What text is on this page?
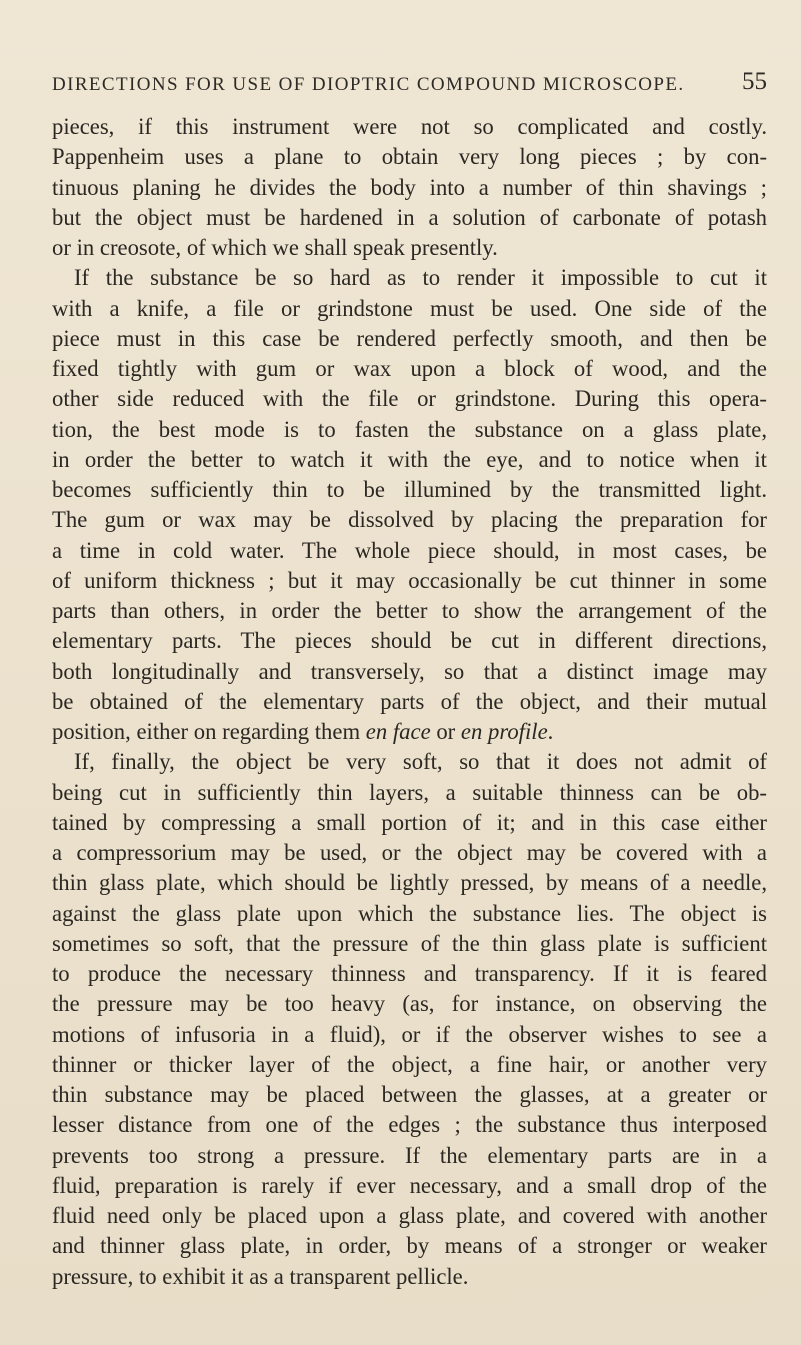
DIRECTIONS FOR USE OF DIOPTRIC COMPOUND MICROSCOPE. 55
pieces, if this instrument were not so complicated and costly.
Pappenheim uses a plane to obtain very long pieces ; by con-
tinuous planing he divides the body into a number of thin shavings ;
but the object must be hardened in a solution of carbonate of potash
or in creosote, of which we shall speak presently.
If the substance be so hard as to render it impossible to cut it
with a knife, a file or grindstone must be used. One side of the
piece must in this case be rendered perfectly smooth, and then be
fixed tightly with gum or wax upon a block of wood, and the
other side reduced with the file or grindstone. During this opera-
tion, the best mode is to fasten the substance on a glass plate,
in order the better to watch it with the eye, and to notice when it
becomes sufficiently thin to be illumined by the transmitted light.
The gum or wax may be dissolved by placing the preparation for
a time in cold water. The whole piece should, in most cases, be
of uniform thickness ; but it may occasionally be cut thinner in some
parts than others, in order the better to show the arrangement of the
elementary parts. The pieces should be cut in different directions,
both longitudinally and transversely, so that a distinct image may
be obtained of the elementary parts of the object, and their mutual
position, either on regarding them en face or en profile.
If, finally, the object be very soft, so that it does not admit of
being cut in sufficiently thin layers, a suitable thinness can be ob-
tained by compressing a small portion of it; and in this case either
a compressorium may be used, or the object may be covered with a
thin glass plate, which should be lightly pressed, by means of a needle,
against the glass plate upon which the substance lies. The object is
sometimes so soft, that the pressure of the thin glass plate is sufficient
to produce the necessary thinness and transparency. If it is feared
the pressure may be too heavy (as, for instance, on observing the
motions of infusoria in a fluid), or if the observer wishes to see a
thinner or thicker layer of the object, a fine hair, or another very
thin substance may be placed between the glasses, at a greater or
lesser distance from one of the edges ; the substance thus interposed
prevents too strong a pressure. If the elementary parts are in a
fluid, preparation is rarely if ever necessary, and a small drop of the
fluid need only be placed upon a glass plate, and covered with another
and thinner glass plate, in order, by means of a stronger or weaker
pressure, to exhibit it as a transparent pellicle.
